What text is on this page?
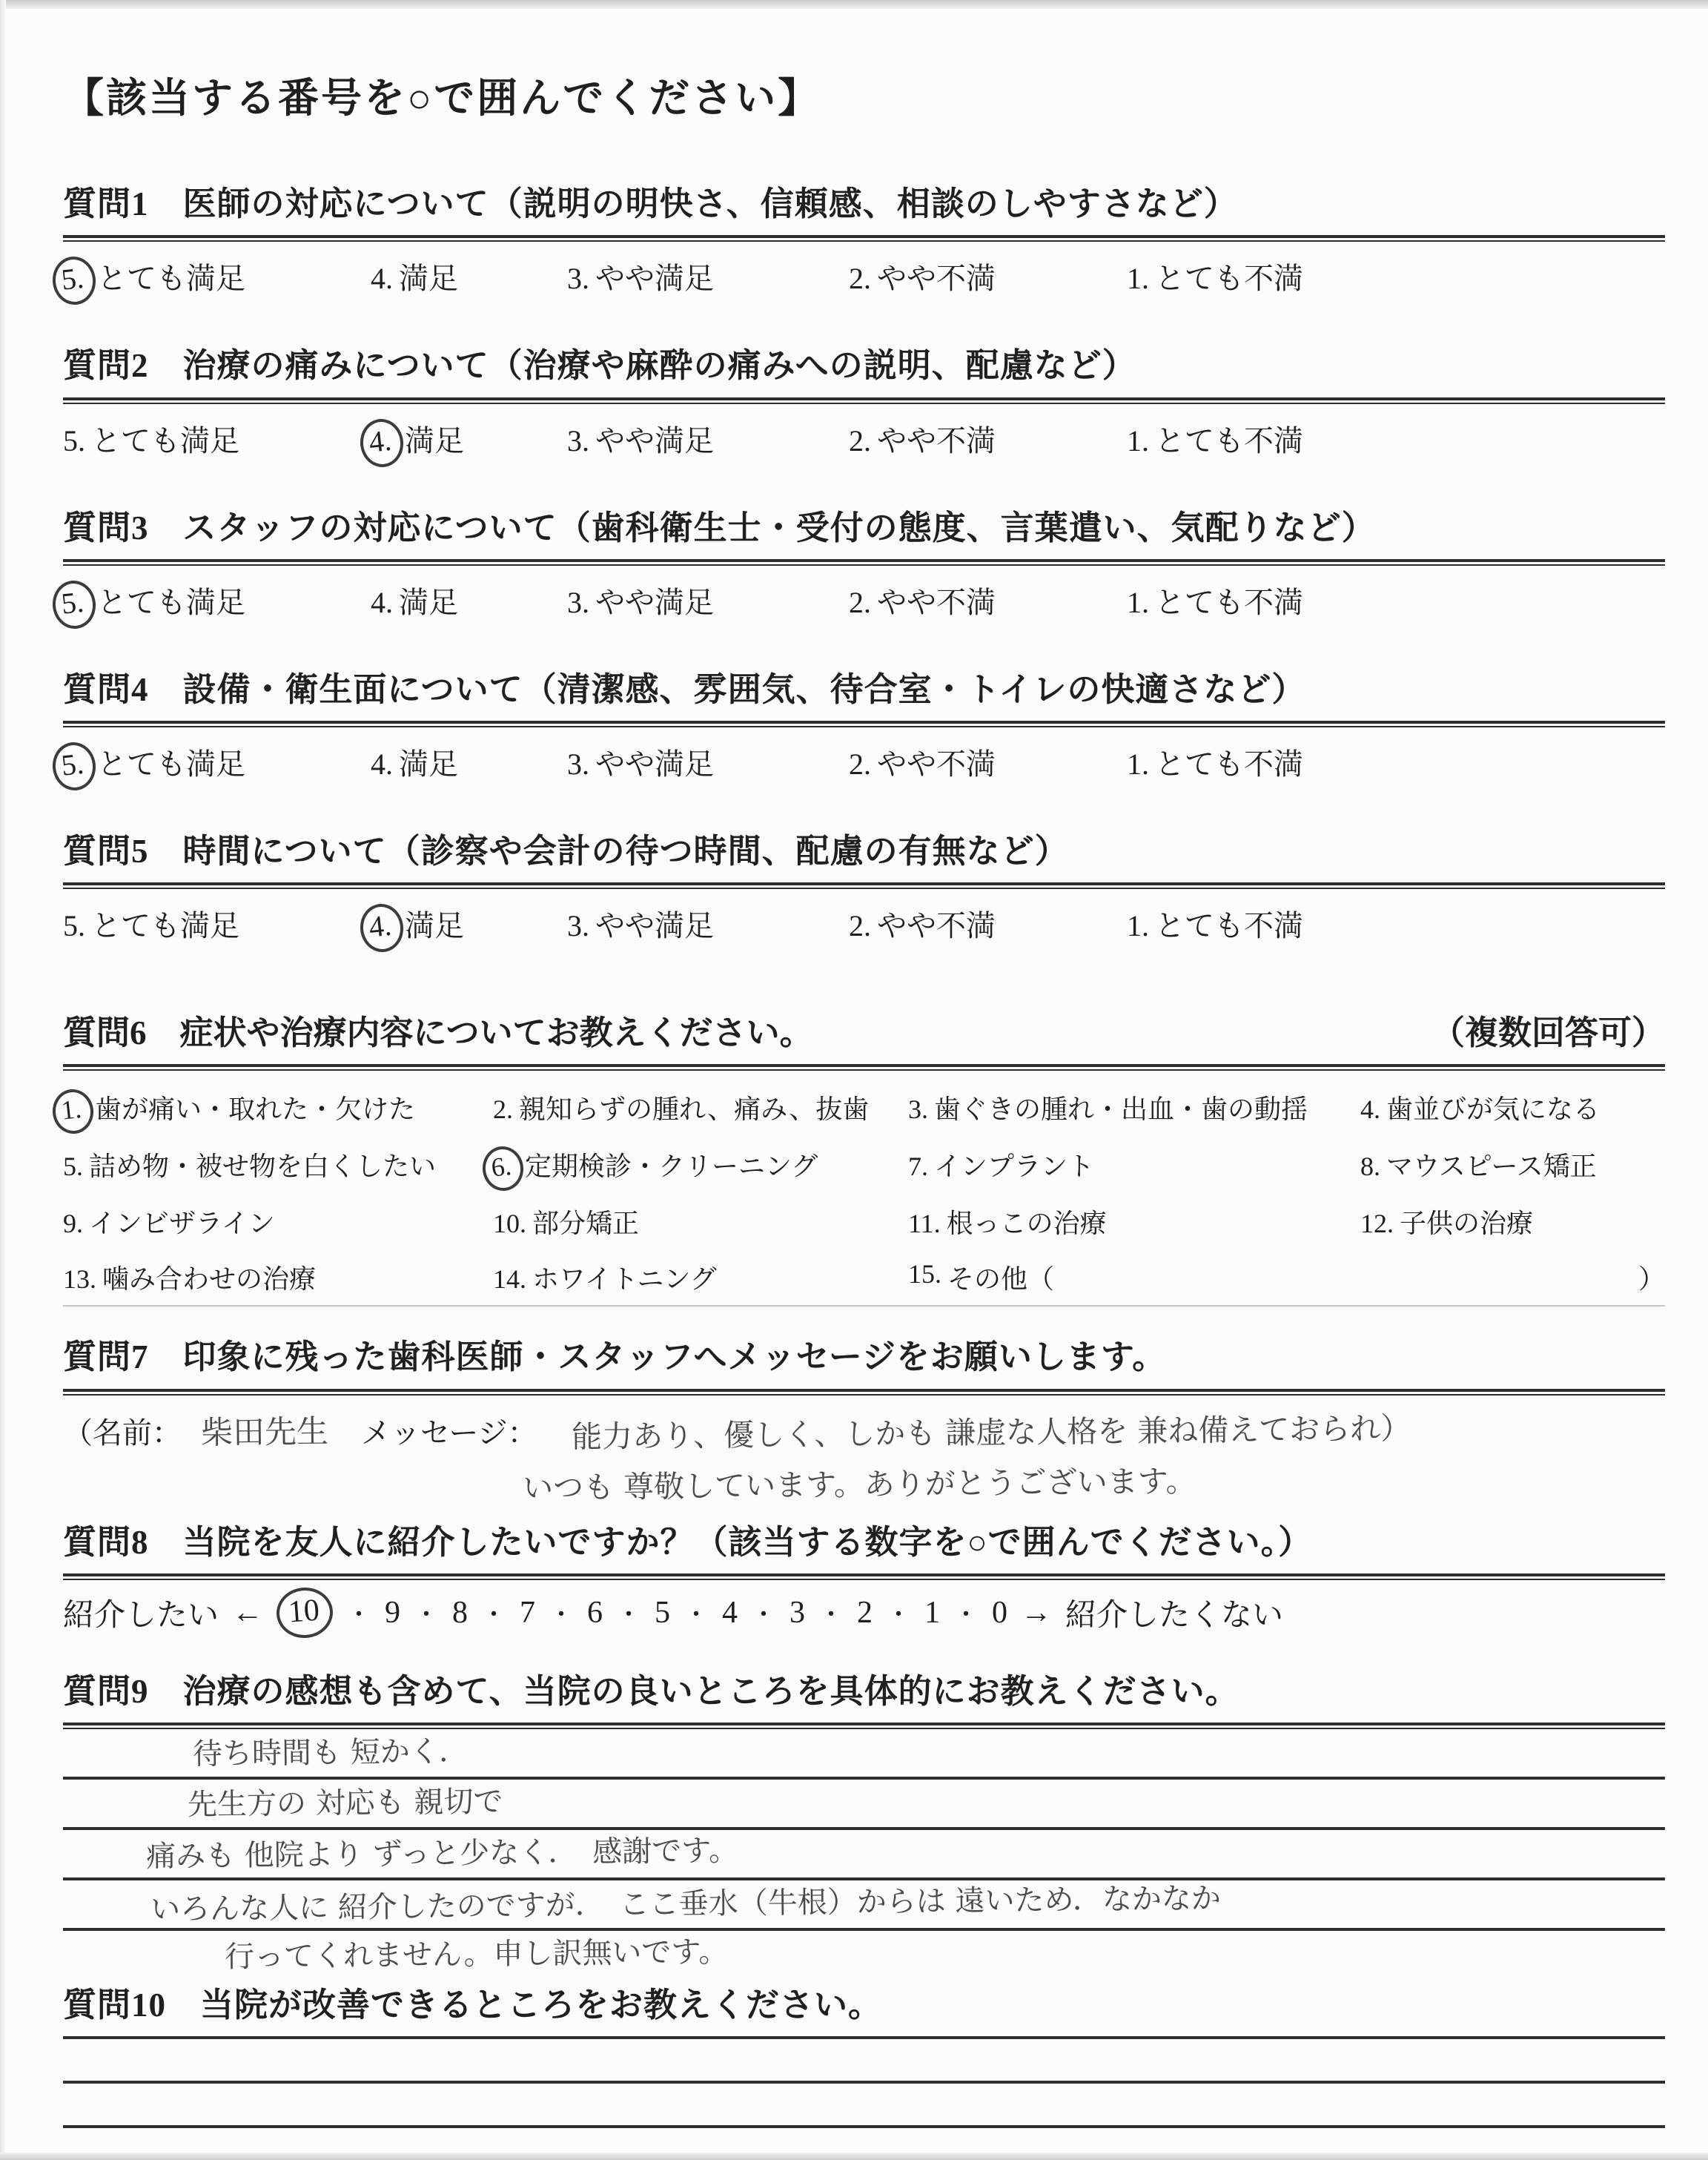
【該当する番号を○で囲んでください】
質問1　医師の対応について（説明の明快さ、信頼感、相談のしやすさなど）
5. とても満足	4. 満足	3. やや満足	2. やや不満	1. とても不満
質問2　治療の痛みについて（治療や麻酔の痛みへの説明、配慮など）
5. とても満足	4. 満足	3. やや満足	2. やや不満	1. とても不満
質問3　スタッフの対応について（歯科衛生士・受付の態度、言葉遣い、気配りなど）
5. とても満足	4. 満足	3. やや満足	2. やや不満	1. とても不満
質問4　設備・衛生面について（清潔感、雰囲気、待合室・トイレの快適さなど）
5. とても満足	4. 満足	3. やや満足	2. やや不満	1. とても不満
質問5　時間について（診察や会計の待つ時間、配慮の有無など）
5. とても満足	4. 満足	3. やや満足	2. やや不満	1. とても不満
質問6　症状や治療内容についてお教えください。	（複数回答可）
1. 歯が痛い・取れた・欠けた	2. 親知らずの腫れ、痛み、抜歯	3. 歯ぐきの腫れ・出血・歯の動揺	4. 歯並びが気になる
5. 詰め物・被せ物を白くしたい	6. 定期検診・クリーニング	7. インプラント	8. マウスピース矯正
9. インビザライン	10. 部分矯正	11. 根っこの治療	12. 子供の治療
13. 噛み合わせの治療	14. ホワイトニング	15. その他（	）
質問7　印象に残った歯科医師・スタッフへメッセージをお願いします。
（名前： 柴田先生 メッセージ： 能力あり、優しく、しかも 謙虚な人格を 兼ね備えておられ）
いつも 尊敬しています。ありがとうございます。
質問8　当院を友人に紹介したいですか？（該当する数字を○で囲んでください。）
紹介したい ← 10	・ 9 ・ 8 ・ 7 ・ 6 ・ 5 ・ 4 ・ 3 ・ 2 ・ 1 ・ 0 → 紹介したくない
質問9　治療の感想も含めて、当院の良いところを具体的にお教えください。
待ち時間も 短かく．
先生方の 対応も 親切で
痛みも 他院より ずっと少なく．　感謝です。
いろんな人に 紹介したのですが．　ここ垂水（牛根）からは 遠いため．なかなか
行ってくれません。申し訳無いです。
質問10　当院が改善できるところをお教えください。
